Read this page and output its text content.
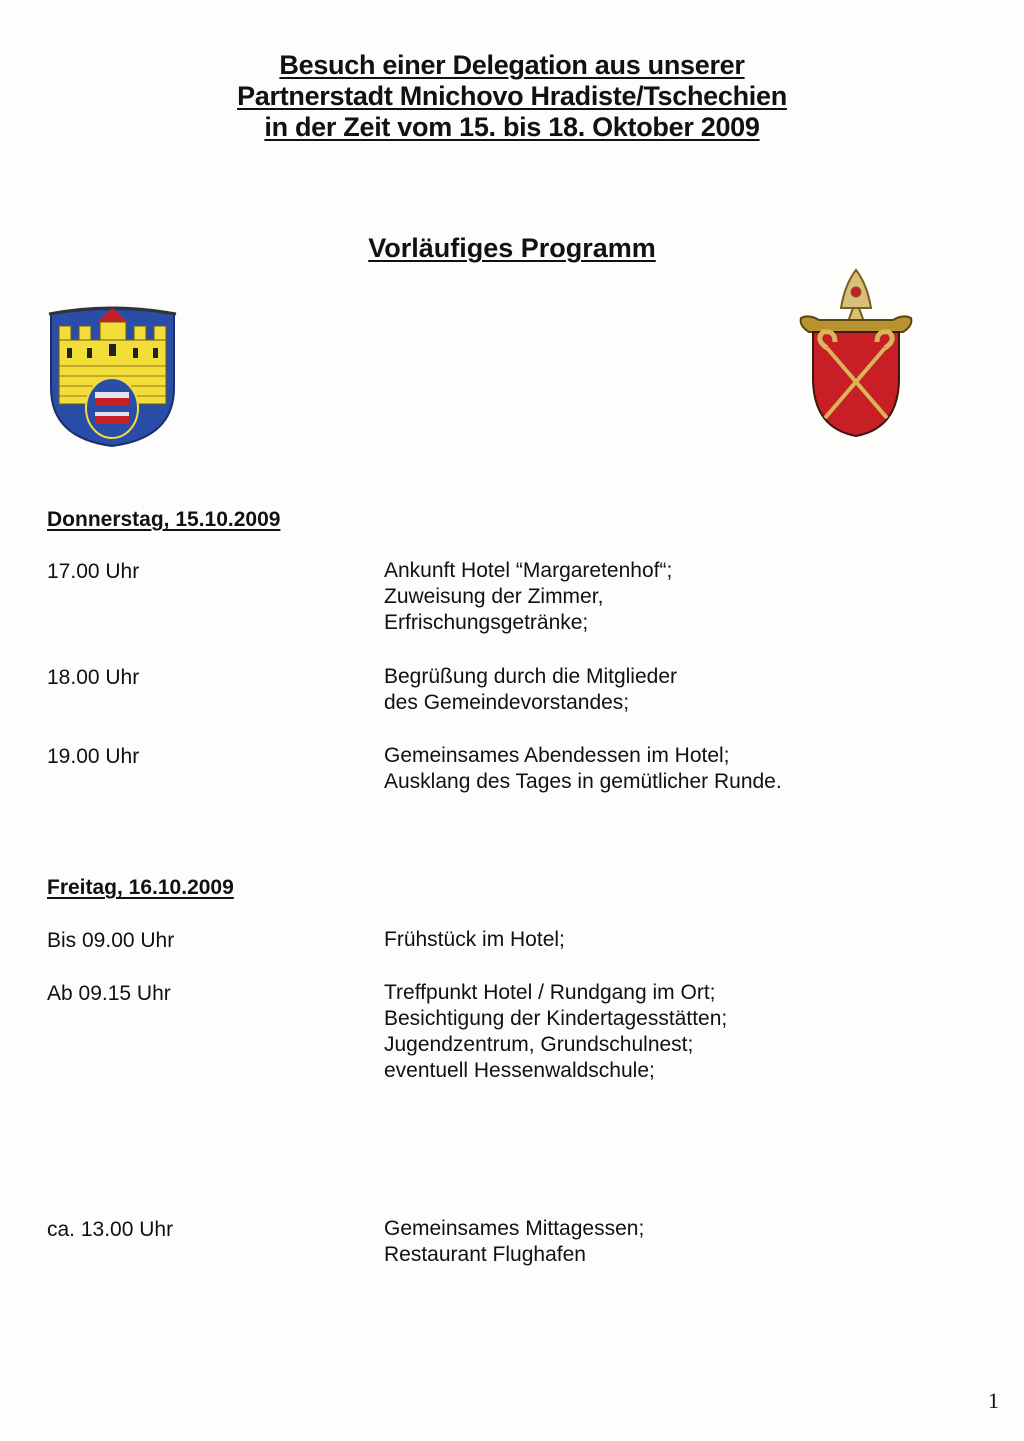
Besuch einer Delegation aus unserer
Partnerstadt Mnichovo Hradiste/Tschechien
in der Zeit vom 15. bis 18. Oktober 2009
Vorläufiges Programm
Donnerstag, 15.10.2009
17.00 Uhr	Ankunft Hotel “Margaretenhof“;
Zuweisung der Zimmer,
Erfrischungsgetränke;
18.00 Uhr	Begrüßung durch die Mitglieder
des Gemeindevorstandes;
19.00 Uhr	Gemeinsames Abendessen im Hotel;
Ausklang des Tages in gemütlicher Runde.
Freitag, 16.10.2009
Bis 09.00 Uhr	Frühstück im Hotel;
Ab 09.15 Uhr	Treffpunkt Hotel / Rundgang im Ort;
Besichtigung der Kindertagesstätten;
Jugendzentrum, Grundschulnest;
eventuell Hessenwaldschule;
ca. 13.00 Uhr	Gemeinsames Mittagessen;
Restaurant Flughafen
1
